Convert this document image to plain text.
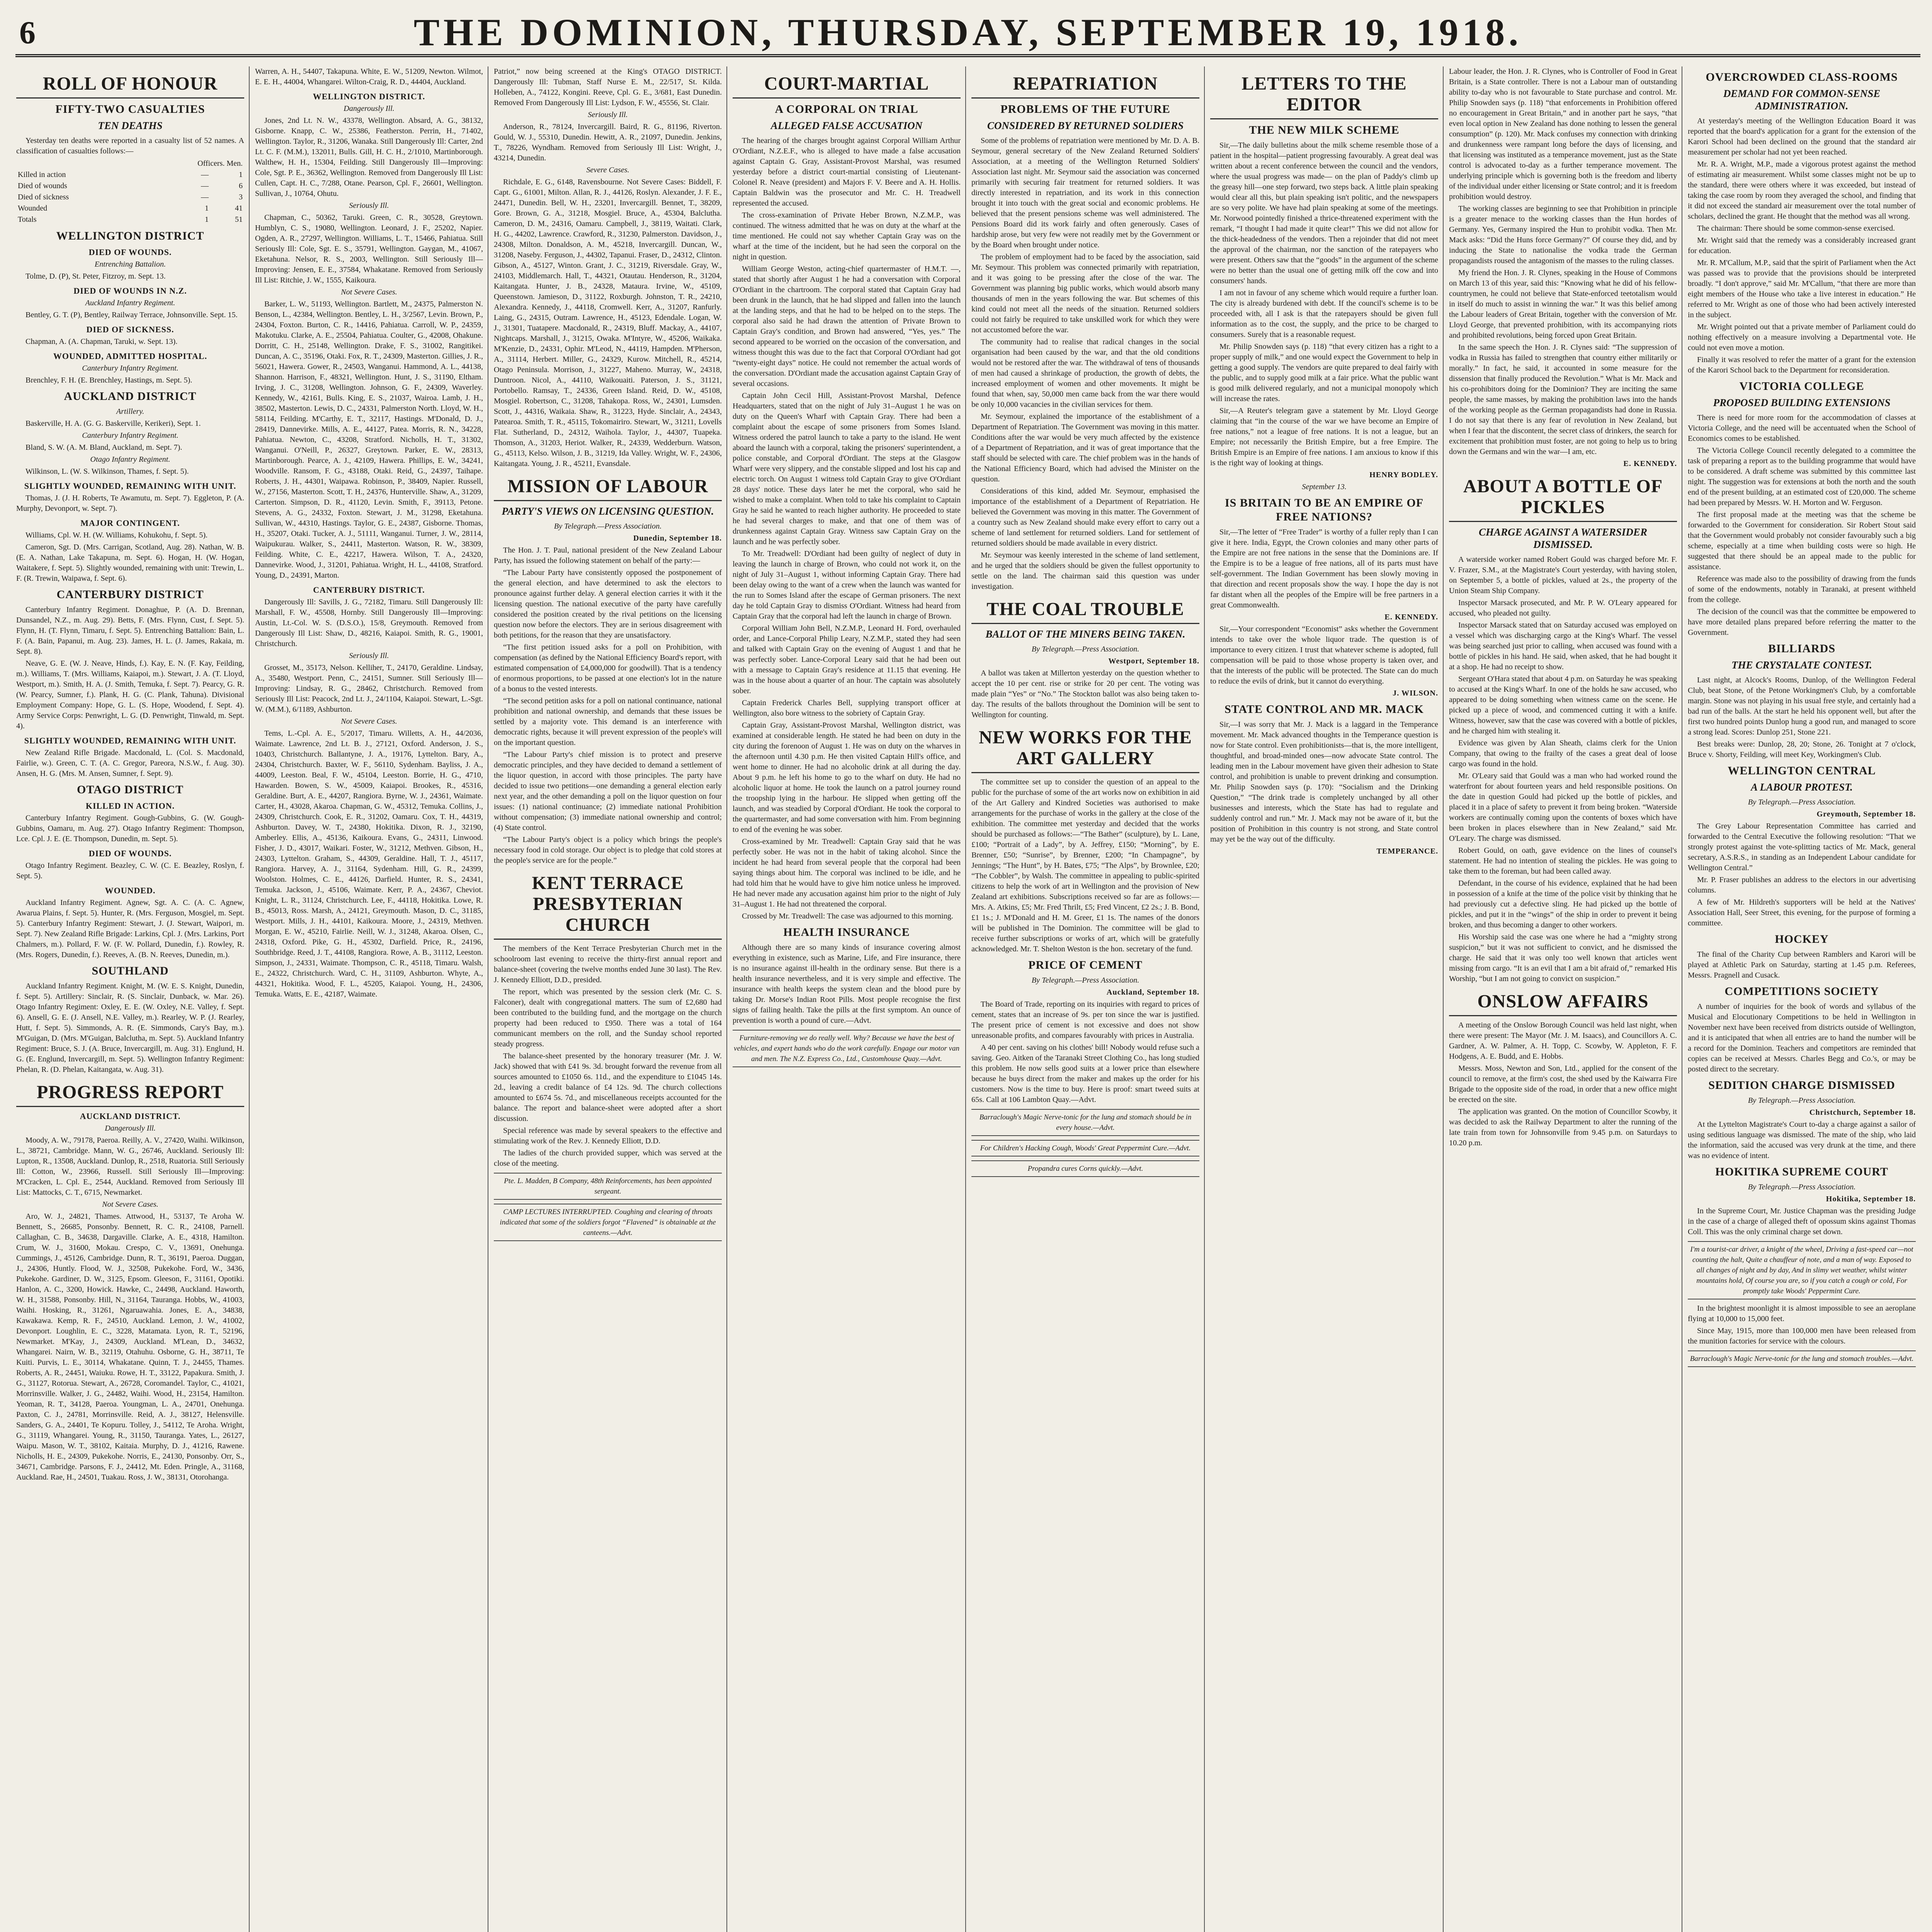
6	THE DOMINION, THURSDAY, SEPTEMBER 19, 1918.
ROLL OF HONOUR
FIFTY-TWO CASUALTIES
TEN DEATHS

Yesterday ten deaths were reported in a casualty list of 52 names. A classification of casualties follows:—

	Officers. Men.	
Killed in action	—	1
Died of wounds	—	6
Died of sickness	—	3
Wounded	1	41
Totals	1	51
WELLINGTON DISTRICT
DIED OF WOUNDS.

Entrenching Battalion.

Tolme, D. (P), St. Peter, Fitzroy, m. Sept. 13.

DIED OF WOUNDS IN N.Z.

Auckland Infantry Regiment.

Bentley, G. T. (P), Bentley, Railway Terrace, Johnsonville. Sept. 15.

DIED OF SICKNESS.

Chapman, A. (A. Chapman, Taruki, w. Sept. 13).

WOUNDED, ADMITTED HOSPITAL.

Canterbury Infantry Regiment.

Brenchley, F. H. (E. Brenchley, Hastings, m. Sept. 5).

AUCKLAND DISTRICT

Artillery.

Baskerville, H. A. (G. G. Baskerville, Kerikeri), Sept. 1.

Canterbury Infantry Regiment.

Bland, S. W. (A. M. Bland, Auckland, m. Sept. 7).

Otago Infantry Regiment.

Wilkinson, L. (W. S. Wilkinson, Thames, f. Sept. 5).

SLIGHTLY WOUNDED, REMAINING WITH UNIT.

Thomas, J. (J. H. Roberts, Te Awamutu, m. Sept. 7). Eggleton, P. (A. Murphy, Devonport, w. Sept. 7).

MAJOR CONTINGENT.

Williams, Cpl. W. H. (W. Williams, Kohukohu, f. Sept. 5).

Cameron, Sgt. D. (Mrs. Carrigan, Scotland, Aug. 28). Nathan, W. B. (E. A. Nathan, Lake Takapuna, m. Sept. 6). Hogan, H. (W. Hogan, Waitakere, f. Sept. 5). Slightly wounded, remaining with unit: Trewin, L. F. (R. Trewin, Waipawa, f. Sept. 6).

CANTERBURY DISTRICT

Canterbury Infantry Regiment. Donaghue, P. (A. D. Brennan, Dunsandel, N.Z., m. Aug. 29). Betts, F. (Mrs. Flynn, Cust, f. Sept. 5). Flynn, H. (T. Flynn, Timaru, f. Sept. 5). Entrenching Battalion: Bain, L. F. (A. Bain, Papanui, m. Aug. 23). James, H. L. (J. James, Rakaia, m. Sept. 8).

Neave, G. E. (W. J. Neave, Hinds, f.). Kay, E. N. (F. Kay, Feilding, m.). Williams, T. (Mrs. Williams, Kaiapoi, m.). Stewart, J. A. (T. Lloyd, Westport, m.). Smith, H. A. (J. Smith, Temuka, f. Sept. 7). Pearcy, G. R. (W. Pearcy, Sumner, f.). Plank, H. G. (C. Plank, Tahuna). Divisional Employment Company: Hope, G. L. (S. Hope, Woodend, f. Sept. 4). Army Service Corps: Penwright, L. G. (D. Penwright, Tinwald, m. Sept. 4).

SLIGHTLY WOUNDED, REMAINING WITH UNIT.

New Zealand Rifle Brigade. Macdonald, L. (Col. S. Macdonald, Fairlie, w.). Green, C. T. (A. C. Gregor, Pareora, N.S.W., f. Aug. 30). Ansen, H. G. (Mrs. M. Ansen, Sumner, f. Sept. 9).

OTAGO DISTRICT
KILLED IN ACTION.

Canterbury Infantry Regiment. Gough-Gubbins, G. (W. Gough-Gubbins, Oamaru, m. Aug. 27). Otago Infantry Regiment: Thompson, Lce. Cpl. J. E. (E. Thompson, Dunedin, m. Sept. 5).

DIED OF WOUNDS.

Otago Infantry Regiment. Beazley, C. W. (C. E. Beazley, Roslyn, f. Sept. 5).

WOUNDED.

Auckland Infantry Regiment. Agnew, Sgt. A. C. (A. C. Agnew, Awarua Plains, f. Sept. 5). Hunter, R. (Mrs. Ferguson, Mosgiel, m. Sept. 5). Canterbury Infantry Regiment: Stewart, J. (J. Stewart, Waipori, m. Sept. 7). New Zealand Rifle Brigade: Larkins, Cpl. J. (Mrs. Larkins, Port Chalmers, m.). Pollard, F. W. (F. W. Pollard, Dunedin, f.). Rowley, R. (Mrs. Rogers, Dunedin, f.). Reeves, A. (B. N. Reeves, Dunedin, m.).

SOUTHLAND

Auckland Infantry Regiment. Knight, M. (W. E. S. Knight, Dunedin, f. Sept. 5). Artillery: Sinclair, R. (S. Sinclair, Dunback, w. Mar. 26). Otago Infantry Regiment: Oxley, E. E. (W. Oxley, N.E. Valley, f. Sept. 6). Ansell, G. E. (J. Ansell, N.E. Valley, m.). Rearley, W. P. (J. Rearley, Hutt, f. Sept. 5). Simmonds, A. R. (E. Simmonds, Cary's Bay, m.). M'Guigan, D. (Mrs. M'Guigan, Balclutha, m. Sept. 5). Auckland Infantry Regiment: Bruce, S. J. (A. Bruce, Invercargill, m. Aug. 31). Englund, H. G. (E. Englund, Invercargill, m. Sept. 5). Wellington Infantry Regiment: Phelan, R. (D. Phelan, Kaitangata, w. Aug. 31).

PROGRESS REPORT
AUCKLAND DISTRICT.

Dangerously Ill.

Moody, A. W., 79178, Paeroa. Reilly, A. V., 27420, Waihi. Wilkinson, L., 38721, Cambridge. Mann, W. G., 26746, Auckland. Seriously Ill: Lupton, R., 13508, Auckland. Dunlop, R., 2518, Ruatoria. Still Seriously Ill: Cotton, W., 23966, Russell. Still Seriously Ill—Improving: M'Cracken, L. Cpl. E., 2544, Auckland. Removed from Seriously Ill List: Mattocks, C. T., 6715, Newmarket.

Not Severe Cases.

Aro, W. J., 24821, Thames. Attwood, H., 53137, Te Aroha W. Bennett, S., 26685, Ponsonby. Bennett, R. C. R., 24108, Parnell. Callaghan, C. B., 34638, Dargaville. Clarke, A. E., 4318, Hamilton. Crum, W. J., 31600, Mokau. Crespo, C. V., 13691, Onehunga. Cummings, J., 45126, Cambridge. Dunn, R. T., 36191, Paeroa. Duggan, J., 24306, Huntly. Flood, W. J., 32508, Pukekohe. Ford, W., 3436, Pukekohe. Gardiner, D. W., 3125, Epsom. Gleeson, F., 31161, Opotiki. Hanlon, A. C., 3200, Howick. Hawke, C., 24498, Auckland. Haworth, W. H., 31588, Ponsonby. Hill, N., 31164, Tauranga. Hobbs, W., 41003, Waihi. Hosking, R., 31261, Ngaruawahia. Jones, E. A., 34838, Kawakawa. Kemp, R. F., 24510, Auckland. Lemon, J. W., 41002, Devonport. Loughlin, E. C., 3228, Matamata. Lyon, R. T., 52196, Newmarket. M'Kay, J., 24309, Auckland. M'Lean, D., 34632, Whangarei. Nairn, W. B., 32119, Otahuhu. Osborne, G. H., 38711, Te Kuiti. Purvis, L. E., 30114, Whakatane. Quinn, T. J., 24455, Thames. Roberts, A. R., 24451, Waiuku. Rowe, H. T., 33122, Papakura. Smith, J. G., 31127, Rotorua. Stewart, A., 26728, Coromandel. Taylor, C., 41021, Morrinsville. Walker, J. G., 24482, Waihi. Wood, H., 23154, Hamilton. Yeoman, R. T., 34128, Paeroa. Youngman, L. A., 24701, Onehunga. Paxton, C. J., 24781, Morrinsville. Reid, A. J., 38127, Helensville. Sanders, G. A., 24401, Te Kopuru. Tolley, J., 54112, Te Aroha. Wright, G., 31119, Whangarei. Young, R., 31150, Tauranga. Yates, L., 26127, Waipu. Mason, W. T., 38102, Kaitaia. Murphy, D. J., 41216, Rawene. Nicholls, H. E., 24309, Pukekohe. Norris, E., 24130, Ponsonby. Orr, S., 34671, Cambridge. Parsons, F. J., 24412, Mt. Eden. Pringle, A., 31168, Auckland. Rae, H., 24501, Tuakau. Ross, J. W., 38131, Otorohanga.

Warren, A. H., 54407, Takapuna. White, E. W., 51209, Newton. Wilmot, E. E. H., 44004, Whangarei. Wilton-Craig, R. D., 44404, Auckland.

WELLINGTON DISTRICT.

Dangerously Ill.

Jones, 2nd Lt. N. W., 43378, Wellington. Absard, A. G., 38132, Gisborne. Knapp, C. W., 25386, Featherston. Perrin, H., 71402, Wellington. Taylor, R., 31206, Wanaka. Still Dangerously Ill: Carter, 2nd Lt. C. F. (M.M.), 132011, Bulls. Gill, H. C. H., 2/1010, Martinborough. Walthew, H. H., 15304, Feilding. Still Dangerously Ill—Improving: Cole, Sgt. P. E., 36362, Wellington. Removed from Dangerously Ill List: Cullen, Capt. H. C., 7/288, Otane. Pearson, Cpl. F., 26601, Wellington. Sullivan, J., 10764, Ohutu.

Seriously Ill.

Chapman, C., 50362, Taruki. Green, C. R., 30528, Greytown. Humblyn, C. S., 19080, Wellington. Leonard, J. F., 25202, Napier. Ogden, A. R., 27297, Wellington. Williams, L. T., 15466, Pahiatua. Still Seriously Ill: Cole, Sgt. E. S., 35791, Wellington. Gaygan, M., 41067, Eketahuna. Nelsor, R. S., 2003, Wellington. Still Seriously Ill—Improving: Jensen, E. E., 37584, Whakatane. Removed from Seriously Ill List: Ritchie, J. W., 1555, Kaikoura.

Not Severe Cases.

Barker, L. W., 51193, Wellington. Bartlett, M., 24375, Palmerston N. Benson, L., 42384, Wellington. Bentley, L. H., 3/2567, Levin. Brown, P., 24304, Foxton. Burton, C. R., 14416, Pahiatua. Carroll, W. P., 24359, Makotuku. Clarke, A. E., 25504, Pahiatua. Coulter, G., 42008, Ohakune. Dorritt, C. H., 25148, Wellington. Drake, F. S., 31002, Rangitikei. Duncan, A. C., 35196, Otaki. Fox, R. T., 24309, Masterton. Gillies, J. R., 56021, Hawera. Gower, R., 24503, Wanganui. Hammond, A. L., 44138, Shannon. Harrison, F., 48321, Wellington. Hunt, J. S., 31190, Eltham. Irving, J. C., 31208, Wellington. Johnson, G. F., 24309, Waverley. Kennedy, W., 42161, Bulls. King, E. S., 21037, Wairoa. Lamb, J. H., 38502, Masterton. Lewis, D. C., 24331, Palmerston North. Lloyd, W. H., 58114, Feilding. M'Carthy, E. T., 32117, Hastings. M'Donald, D. J., 28419, Dannevirke. Mills, A. E., 44127, Patea. Morris, R. N., 34228, Pahiatua. Newton, C., 43208, Stratford. Nicholls, H. T., 31302, Wanganui. O'Neill, P., 26327, Greytown. Parker, E. W., 28313, Martinborough. Pearce, A. J., 42109, Hawera. Phillips, E. W., 34241, Woodville. Ransom, F. G., 43188, Otaki. Reid, G., 24397, Taihape. Roberts, J. H., 44301, Waipawa. Robinson, P., 38409, Napier. Russell, W., 27156, Masterton. Scott, T. H., 24376, Hunterville. Shaw, A., 31209, Carterton. Simpson, D. R., 41120, Levin. Smith, F., 39113, Petone. Stevens, A. G., 24332, Foxton. Stewart, J. M., 31298, Eketahuna. Sullivan, W., 44310, Hastings. Taylor, G. E., 24387, Gisborne. Thomas, H., 35207, Otaki. Tucker, A. J., 51111, Wanganui. Turner, J. W., 28114, Waipukurau. Walker, S., 24411, Masterton. Watson, R. W., 38309, Feilding. White, C. E., 42217, Hawera. Wilson, T. A., 24320, Dannevirke. Wood, J., 31201, Pahiatua. Wright, H. L., 44108, Stratford. Young, D., 24391, Marton.

CANTERBURY DISTRICT.

Dangerously Ill: Savills, J. G., 72182, Timaru. Still Dangerously Ill: Marshall, F. W., 45508, Hornby. Still Dangerously Ill—Improving: Austin, Lt.-Col. W. S. (D.S.O.), 15/8, Greymouth. Removed from Dangerously Ill List: Shaw, D., 48216, Kaiapoi. Smith, R. G., 19001, Christchurch.

Seriously Ill.

Grosset, M., 35173, Nelson. Kelliher, T., 24170, Geraldine. Lindsay, A., 35480, Westport. Penn, C., 24151, Sumner. Still Seriously Ill—Improving: Lindsay, R. G., 28462, Christchurch. Removed from Seriously Ill List: Peacock, 2nd Lt. J., 24/1104, Kaiapoi. Stewart, L.-Sgt. W. (M.M.), 6/1189, Ashburton.

Not Severe Cases.

Tems, L.-Cpl. A. E., 5/2017, Timaru. Willetts, A. H., 44/2036, Waimate. Lawrence, 2nd Lt. B. J., 27121, Oxford. Anderson, J. S., 10403, Christchurch. Ballantyne, J. A., 19176, Lyttelton. Bary, A., 24304, Christchurch. Baxter, W. F., 56110, Sydenham. Bayliss, J. A., 44009, Leeston. Beal, F. W., 45104, Leeston. Borrie, H. G., 4710, Hawarden. Bowen, S. W., 45009, Kaiapoi. Brookes, R., 45316, Geraldine. Burt, A. E., 44207, Rangiora. Byrne, W. J., 24361, Waimate. Carter, H., 43028, Akaroa. Chapman, G. W., 45312, Temuka. Collins, J., 24309, Christchurch. Cook, E. R., 31202, Oamaru. Cox, T. H., 44319, Ashburton. Davey, W. T., 24380, Hokitika. Dixon, R. J., 32190, Amberley. Ellis, A., 45136, Kaikoura. Evans, G., 24311, Linwood. Fisher, J. D., 43017, Waikari. Foster, W., 31212, Methven. Gibson, H., 24303, Lyttelton. Graham, S., 44309, Geraldine. Hall, T. J., 45117, Rangiora. Harvey, A. J., 31164, Sydenham. Hill, G. R., 24399, Woolston. Holmes, C. E., 44126, Darfield. Hunter, R. S., 24341, Temuka. Jackson, J., 45106, Waimate. Kerr, P. A., 24367, Cheviot. Knight, L. R., 31124, Christchurch. Lee, F., 44118, Hokitika. Lowe, R. B., 45013, Ross. Marsh, A., 24121, Greymouth. Mason, D. C., 31185, Westport. Mills, J. H., 44101, Kaikoura. Moore, J., 24319, Methven. Morgan, E. W., 45210, Fairlie. Neill, W. J., 31248, Akaroa. Olsen, C., 24318, Oxford. Pike, G. H., 45302, Darfield. Price, R., 24196, Southbridge. Reed, J. T., 44108, Rangiora. Rowe, A. B., 31112, Leeston. Simpson, J., 24331, Waimate. Thompson, C. R., 45118, Timaru. Walsh, E., 24322, Christchurch. Ward, C. H., 31109, Ashburton. Whyte, A., 44321, Hokitika. Wood, F. L., 45205, Kaiapoi. Young, H., 24306, Temuka. Watts, E. E., 42187, Waimate.

Patriot,” now being screened at the King's OTAGO DISTRICT. Dangerously Ill: Tubman, Staff Nurse E. M., 22/517, St. Kilda. Holleben, A., 74122, Kongini. Reeve, Cpl. G. E., 3/681, East Dunedin. Removed From Dangerously Ill List: Lydson, F. W., 45556, St. Clair.

Seriously Ill.

Anderson, R., 78124, Invercargill. Baird, R. G., 81196, Riverton. Gould, W. J., 55310, Dunedin. Hewitt, A. R., 21097, Dunedin. Jenkins, T., 78226, Wyndham. Removed from Seriously Ill List: Wright, J., 43214, Dunedin.

Severe Cases.

Richdale, E. G., 6148, Ravensbourne. Not Severe Cases: Biddell, F. Capt. G., 61001, Milton. Allan, R. J., 44126, Roslyn. Alexander, J. F. E., 24471, Dunedin. Bell, W. H., 23201, Invercargill. Bennet, T., 38209, Gore. Brown, G. A., 31218, Mosgiel. Bruce, A., 45304, Balclutha. Cameron, D. M., 24316, Oamaru. Campbell, J., 38119, Waitati. Clark, H. G., 44202, Lawrence. Crawford, R., 31230, Palmerston. Davidson, J., 24308, Milton. Donaldson, A. M., 45218, Invercargill. Duncan, W., 31208, Naseby. Ferguson, J., 44302, Tapanui. Fraser, D., 24312, Clinton. Gibson, A., 45127, Winton. Grant, J. C., 31219, Riversdale. Gray, W., 24103, Middlemarch. Hall, T., 44321, Otautau. Henderson, R., 31204, Kaitangata. Hunter, J. B., 24328, Mataura. Irvine, W., 45109, Queenstown. Jamieson, D., 31122, Roxburgh. Johnston, T. R., 24210, Alexandra. Kennedy, J., 44118, Cromwell. Kerr, A., 31207, Ranfurly. Laing, G., 24315, Outram. Lawrence, H., 45123, Edendale. Logan, W. J., 31301, Tuatapere. Macdonald, R., 24319, Bluff. Mackay, A., 44107, Nightcaps. Marshall, J., 31215, Owaka. M'Intyre, W., 45206, Waikaka. M'Kenzie, D., 24331, Ophir. M'Leod, N., 44119, Hampden. M'Pherson, A., 31114, Herbert. Miller, G., 24329, Kurow. Mitchell, R., 45214, Otago Peninsula. Morrison, J., 31227, Maheno. Murray, W., 24318, Duntroon. Nicol, A., 44110, Waikouaiti. Paterson, J. S., 31121, Portobello. Ramsay, T., 24336, Green Island. Reid, D. W., 45108, Mosgiel. Robertson, C., 31208, Tahakopa. Ross, W., 24301, Lumsden. Scott, J., 44316, Waikaia. Shaw, R., 31223, Hyde. Sinclair, A., 24343, Patearoa. Smith, T. R., 45115, Tokomairiro. Stewart, W., 31211, Lovells Flat. Sutherland, D., 24312, Waihola. Taylor, J., 44307, Tuapeka. Thomson, A., 31203, Heriot. Walker, R., 24339, Wedderburn. Watson, G., 45113, Kelso. Wilson, J. B., 31219, Ida Valley. Wright, W. F., 24306, Kaitangata. Young, J. R., 45211, Evansdale.

MISSION OF LABOUR
PARTY'S VIEWS ON LICENSING QUESTION.

By Telegraph.—Press Association.

Dunedin, September 18.

The Hon. J. T. Paul, national president of the New Zealand Labour Party, has issued the following statement on behalf of the party:—

“The Labour Party have consistently opposed the postponement of the general election, and have determined to ask the electors to pronounce against further delay. A general election carries it with it the licensing question. The national executive of the party have carefully considered the position created by the rival petitions on the licensing question now before the electors. They are in serious disagreement with both petitions, for the reason that they are unsatisfactory.

“The first petition issued asks for a poll on Prohibition, with compensation (as defined by the National Efficiency Board's report, with estimated compensation of £4,000,000 for goodwill). That is a tendency of enormous proportions, to be passed at one election's lot in the nature of a bonus to the vested interests.

“The second petition asks for a poll on national continuance, national prohibition and national ownership, and demands that these issues be settled by a majority vote. This demand is an interference with democratic rights, because it will prevent expression of the people's will on the important question.

“The Labour Party's chief mission is to protect and preserve democratic principles, and they have decided to demand a settlement of the liquor question, in accord with those principles. The party have decided to issue two petitions—one demanding a general election early next year, and the other demanding a poll on the liquor question on four issues: (1) national continuance; (2) immediate national Prohibition without compensation; (3) immediate national ownership and control; (4) State control.

“The Labour Party's object is a policy which brings the people's necessary food in cold storage. Our object is to pledge that cold stores at the people's service are for the people.”

KENT TERRACE PRESBYTERIAN CHURCH

The members of the Kent Terrace Presbyterian Church met in the schoolroom last evening to receive the thirty-first annual report and balance-sheet (covering the twelve months ended June 30 last). The Rev. J. Kennedy Elliott, D.D., presided.

The report, which was presented by the session clerk (Mr. C. S. Falconer), dealt with congregational matters. The sum of £2,680 had been contributed to the building fund, and the mortgage on the church property had been reduced to £950. There was a total of 164 communicant members on the roll, and the Sunday school reported steady progress.

The balance-sheet presented by the honorary treasurer (Mr. J. W. Jack) showed that with £41 9s. 3d. brought forward the revenue from all sources amounted to £1050 6s. 11d., and the expenditure to £1045 14s. 2d., leaving a credit balance of £4 12s. 9d. The church collections amounted to £674 5s. 7d., and miscellaneous receipts accounted for the balance. The report and balance-sheet were adopted after a short discussion.

Special reference was made by several speakers to the effective and stimulating work of the Rev. J. Kennedy Elliott, D.D.

The ladies of the church provided supper, which was served at the close of the meeting.

Pte. L. Madden, B Company, 48th Reinforcements, has been appointed sergeant.

CAMP LECTURES INTERRUPTED. Coughing and clearing of throats indicated that some of the soldiers forgot “Flavened” is obtainable at the canteens.—Advt.

COURT-MARTIAL
A CORPORAL ON TRIAL
ALLEGED FALSE ACCUSATION

The hearing of the charges brought against Corporal William Arthur O'Ordiant, N.Z.E.F., who is alleged to have made a false accusation against Captain G. Gray, Assistant-Provost Marshal, was resumed yesterday before a district court-martial consisting of Lieutenant-Colonel R. Neave (president) and Majors F. V. Beere and A. H. Hollis. Captain Baldwin was the prosecutor and Mr. C. H. Treadwell represented the accused.

The cross-examination of Private Heber Brown, N.Z.M.P., was continued. The witness admitted that he was on duty at the wharf at the time mentioned. He could not say whether Captain Gray was on the wharf at the time of the incident, but he had seen the corporal on the night in question.

William George Weston, acting-chief quartermaster of H.M.T. —, stated that shortly after August 1 he had a conversation with Corporal O'Ordiant in the chartroom. The corporal stated that Captain Gray had been drunk in the launch, that he had slipped and fallen into the launch at the landing steps, and that he had to be helped on to the steps. The corporal also said he had drawn the attention of Private Brown to Captain Gray's condition, and Brown had answered, “Yes, yes.” The second appeared to be worried on the occasion of the conversation, and witness thought this was due to the fact that Corporal O'Ordiant had got “twenty-eight days” notice. He could not remember the actual words of the conversation. D'Ordiant made the accusation against Captain Gray of several occasions.

Captain John Cecil Hill, Assistant-Provost Marshal, Defence Headquarters, stated that on the night of July 31–August 1 he was on duty on the Queen's Wharf with Captain Gray. There had been a complaint about the escape of some prisoners from Somes Island. Witness ordered the patrol launch to take a party to the island. He went aboard the launch with a corporal, taking the prisoners' superintendent, a police constable, and Corporal d'Ordiant. The steps at the Glasgow Wharf were very slippery, and the constable slipped and lost his cap and electric torch. On August 1 witness told Captain Gray to give O'Ordiant 28 days' notice. These days later he met the corporal, who said he wished to make a complaint. When told to take his complaint to Captain Gray he said he wanted to reach higher authority. He proceeded to state he had several charges to make, and that one of them was of drunkenness against Captain Gray. Witness saw Captain Gray on the launch and he was perfectly sober.

To Mr. Treadwell: D'Ordiant had been guilty of neglect of duty in leaving the launch in charge of Brown, who could not work it, on the night of July 31–August 1, without informing Captain Gray. There had been delay owing to the want of a crew when the launch was wanted for the run to Somes Island after the escape of German prisoners. The next day he told Captain Gray to dismiss O'Ordiant. Witness had heard from Captain Gray that the corporal had left the launch in charge of Brown.

Corporal William John Bell, N.Z.M.P., Leonard H. Ford, overhauled order, and Lance-Corporal Philip Leary, N.Z.M.P., stated they had seen and talked with Captain Gray on the evening of August 1 and that he was perfectly sober. Lance-Corporal Leary said that he had been out with a message to Captain Gray's residence at 11.15 that evening. He was in the house about a quarter of an hour. The captain was absolutely sober.

Captain Frederick Charles Bell, supplying transport officer at Wellington, also bore witness to the sobriety of Captain Gray.

Captain Gray, Assistant-Provost Marshal, Wellington district, was examined at considerable length. He stated he had been on duty in the city during the forenoon of August 1. He was on duty on the wharves in the afternoon until 4.30 p.m. He then visited Captain Hill's office, and went home to dinner. He had no alcoholic drink at all during the day. About 9 p.m. he left his home to go to the wharf on duty. He had no alcoholic liquor at home. He took the launch on a patrol journey round the troopship lying in the harbour. He slipped when getting off the launch, and was steadied by Corporal d'Ordiant. He took the corporal to the quartermaster, and had some conversation with him. From beginning to end of the evening he was sober.

Cross-examined by Mr. Treadwell: Captain Gray said that he was perfectly sober. He was not in the habit of taking alcohol. Since the incident he had heard from several people that the corporal had been saying things about him. The corporal was inclined to be idle, and he had told him that he would have to give him notice unless he improved. He had never made any accusation against him prior to the night of July 31–August 1. He had not threatened the corporal.

Crossed by Mr. Treadwell: The case was adjourned to this morning.

HEALTH INSURANCE

Although there are so many kinds of insurance covering almost everything in existence, such as Marine, Life, and Fire insurance, there is no insurance against ill-health in the ordinary sense. But there is a health insurance nevertheless, and it is very simple and effective. The insurance with health keeps the system clean and the blood pure by taking Dr. Morse's Indian Root Pills. Most people recognise the first signs of failing health. Take the pills at the first symptom. An ounce of prevention is worth a pound of cure.—Advt.

Furniture-removing we do really well. Why? Because we have the best of vehicles, and expert hands who do the work carefully. Engage our motor van and men. The N.Z. Express Co., Ltd., Customhouse Quay.—Advt.

REPATRIATION
PROBLEMS OF THE FUTURE
CONSIDERED BY RETURNED SOLDIERS

Some of the problems of repatriation were mentioned by Mr. D. A. B. Seymour, general secretary of the New Zealand Returned Soldiers' Association, at a meeting of the Wellington Returned Soldiers' Association last night. Mr. Seymour said the association was concerned primarily with securing fair treatment for returned soldiers. It was directly interested in repatriation, and its work in this connection brought it into touch with the great social and economic problems. He believed that the present pensions scheme was well administered. The Pensions Board did its work fairly and often generously. Cases of hardship arose, but very few were not readily met by the Government or by the Board when brought under notice.

The problem of employment had to be faced by the association, said Mr. Seymour. This problem was connected primarily with repatriation, and it was going to be pressing after the close of the war. The Government was planning big public works, which would absorb many thousands of men in the years following the war. But schemes of this kind could not meet all the needs of the situation. Returned soldiers could not fairly be required to take unskilled work for which they were not accustomed before the war.

The community had to realise that radical changes in the social organisation had been caused by the war, and that the old conditions would not be restored after the war. The withdrawal of tens of thousands of men had caused a shrinkage of production, the growth of debts, the increased employment of women and other movements. It might be found that when, say, 50,000 men came back from the war there would be only 10,000 vacancies in the civilian services for them.

Mr. Seymour, explained the importance of the establishment of a Department of Repatriation. The Government was moving in this matter. Conditions after the war would be very much affected by the existence of a Department of Repatriation, and it was of great importance that the staff should be selected with care. The chief problem was in the hands of the National Efficiency Board, which had advised the Minister on the question.

Considerations of this kind, added Mr. Seymour, emphasised the importance of the establishment of a Department of Repatriation. He believed the Government was moving in this matter. The Government of a country such as New Zealand should make every effort to carry out a scheme of land settlement for returned soldiers. Land for settlement of returned soldiers should be made available in every district.

Mr. Seymour was keenly interested in the scheme of land settlement, and he urged that the soldiers should be given the fullest opportunity to settle on the land. The chairman said this question was under investigation.

THE COAL TROUBLE
BALLOT OF THE MINERS BEING TAKEN.

By Telegraph.—Press Association.

Westport, September 18.

A ballot was taken at Millerton yesterday on the question whether to accept the 10 per cent. rise or strike for 20 per cent. The voting was made plain “Yes” or “No.” The Stockton ballot was also being taken to-day. The results of the ballots throughout the Dominion will be sent to Wellington for counting.

NEW WORKS FOR THE ART GALLERY

The committee set up to consider the question of an appeal to the public for the purchase of some of the art works now on exhibition in aid of the Art Gallery and Kindred Societies was authorised to make arrangements for the purchase of works in the gallery at the close of the exhibition. The committee met yesterday and decided that the works should be purchased as follows:—“The Bather” (sculpture), by L. Lane, £100; “Portrait of a Lady”, by A. Jeffrey, £150; “Morning”, by E. Brenner, £50; “Sunrise”, by Brenner, £200; “In Champagne”, by Jennings; “The Hunt”, by H. Bates, £75; “The Alps”, by Brownlee, £20; “The Cobbler”, by Walsh. The committee in appealing to public-spirited citizens to help the work of art in Wellington and the provision of New Zealand art exhibitions. Subscriptions received so far are as follows:—Mrs. A. Atkins, £5; Mr. Fred Thrilt, £5; Fred Vincent, £2 2s.; J. B. Bond, £1 1s.; J. M'Donald and H. M. Greer, £1 1s. The names of the donors will be published in The Dominion. The committee will be glad to receive further subscriptions or works of art, which will be gratefully acknowledged. Mr. T. Shelton Weston is the hon. secretary of the fund.

PRICE OF CEMENT

By Telegraph.—Press Association.

Auckland, September 18.

The Board of Trade, reporting on its inquiries with regard to prices of cement, states that an increase of 9s. per ton since the war is justified. The present price of cement is not excessive and does not show unreasonable profits, and compares favourably with prices in Australia.

A 40 per cent. saving on his clothes' bill! Nobody would refuse such a saving. Geo. Aitken of the Taranaki Street Clothing Co., has long studied this problem. He now sells good suits at a lower price than elsewhere because he buys direct from the maker and makes up the order for his customers. Now is the time to buy. Here is proof: smart tweed suits at 65s. Call at 106 Lambton Quay.—Advt.

Barraclough's Magic Nerve-tonic for the lung and stomach should be in every house.—Advt.

For Children's Hacking Cough, Woods' Great Peppermint Cure.—Advt.

Propandra cures Corns quickly.—Advt.

LETTERS TO THE EDITOR
THE NEW MILK SCHEME

Sir,—The daily bulletins about the milk scheme resemble those of a patient in the hospital—patient progressing favourably. A great deal was written about a recent conference between the council and the vendors, where the usual progress was made— on the plan of Paddy's climb up the greasy hill—one step forward, two steps back. A little plain speaking would clear all this, but plain speaking isn't politic, and the newspapers are so very polite. We have had plain speaking at some of the meetings. Mr. Norwood pointedly finished a thrice-threatened experiment with the remark, “I thought I had made it quite clear!” This we did not allow for the thick-headedness of the vendors. Then a rejoinder that did not meet the approval of the chairman, nor the sanction of the ratepayers who were present. Others saw that the “goods” in the argument of the scheme were no better than the usual one of getting milk off the cow and into consumers' hands.

I am not in favour of any scheme which would require a further loan. The city is already burdened with debt. If the council's scheme is to be proceeded with, all I ask is that the ratepayers should be given full information as to the cost, the supply, and the price to be charged to consumers. Surely that is a reasonable request.

Mr. Philip Snowden says (p. 118) “that every citizen has a right to a proper supply of milk,” and one would expect the Government to help in getting a good supply. The vendors are quite prepared to deal fairly with the public, and to supply good milk at a fair price. What the public want is good milk delivered regularly, and not a municipal monopoly which will increase the rates.

Sir,—A Reuter's telegram gave a statement by Mr. Lloyd George claiming that “in the course of the war we have become an Empire of free nations,” not a league of free nations. It is not a league, but an Empire; not necessarily the British Empire, but a free Empire. The British Empire is an Empire of free nations. I am anxious to know if this is the right way of looking at things.

HENRY BODLEY.

September 13.

IS BRITAIN TO BE AN EMPIRE OF FREE NATIONS?

Sir,—The letter of “Free Trader” is worthy of a fuller reply than I can give it here. India, Egypt, the Crown colonies and many other parts of the Empire are not free nations in the sense that the Dominions are. If the Empire is to be a league of free nations, all of its parts must have self-government. The Indian Government has been slowly moving in that direction and recent proposals show the way. I hope the day is not far distant when all the peoples of the Empire will be free partners in a great Commonwealth.

E. KENNEDY.

Sir,—Your correspondent “Economist” asks whether the Government intends to take over the whole liquor trade. The question is of importance to every citizen. I trust that whatever scheme is adopted, full compensation will be paid to those whose property is taken over, and that the interests of the public will be protected. The State can do much to reduce the evils of drink, but it cannot do everything.

J. WILSON.

STATE CONTROL AND MR. MACK

Sir,—I was sorry that Mr. J. Mack is a laggard in the Temperance movement. Mr. Mack advanced thoughts in the Temperance question is now for State control. Even prohibitionists—that is, the more intelligent, thoughtful, and broad-minded ones—now advocate State control. The leading men in the Labour movement have given their adhesion to State control, and prohibition is unable to prevent drinking and consumption. Mr. Philip Snowden says (p. 170): “Socialism and the Drinking Question,” “The drink trade is completely unchanged by all other businesses and interests, which the State has had to regulate and suddenly control and run.” Mr. J. Mack may not be aware of it, but the position of Prohibition in this country is not strong, and State control may yet be the way out of the difficulty.

TEMPERANCE.

Labour leader, the Hon. J. R. Clynes, who is Controller of Food in Great Britain, is a State controller. There is not a Labour man of outstanding ability to-day who is not favourable to State purchase and control. Mr. Philip Snowden says (p. 118) “that enforcements in Prohibition offered no encouragement in Great Britain,” and in another part he says, “that even local option in New Zealand has done nothing to lessen the general consumption” (p. 120). Mr. Mack confuses my connection with drinking and drunkenness were rampant long before the days of licensing, and that licensing was instituted as a temperance movement, just as the State control is advocated to-day as a further temperance movement. The underlying principle which is governing both is the freedom and liberty of the individual under either licensing or State control; and it is freedom prohibition would destroy.

The working classes are beginning to see that Prohibition in principle is a greater menace to the working classes than the Hun hordes of Germany. Yes, Germany inspired the Hun to prohibit vodka. Then Mr. Mack asks: “Did the Huns force Germany?” Of course they did, and by inducing the State to nationalise the vodka trade the German propagandists roused the antagonism of the masses to the ruling classes.

My friend the Hon. J. R. Clynes, speaking in the House of Commons on March 13 of this year, said this: “Knowing what he did of his fellow-countrymen, he could not believe that State-enforced teetotalism would in itself do much to assist in winning the war.” It was this belief among the Labour leaders of Great Britain, together with the conversion of Mr. Lloyd George, that prevented prohibition, with its accompanying riots and prohibited revolutions, being forced upon Great Britain.

In the same speech the Hon. J. R. Clynes said: “The suppression of vodka in Russia has failed to strengthen that country either militarily or morally.” In fact, he said, it accounted in some measure for the dissension that finally produced the Revolution.” What is Mr. Mack and his co-prohibitors doing for the Dominion? They are inciting the same people, the same masses, by making the prohibition laws into the hands of the working people as the German propagandists had done in Russia. I do not say that there is any fear of revolution in New Zealand, but when I fear that the discontent, the secret class of drinkers, the search for excitement that prohibition must foster, are not going to help us to bring down the Germans and win the war—I am, etc.

E. KENNEDY.

ABOUT A BOTTLE OF PICKLES
CHARGE AGAINST A WATERSIDER DISMISSED.

A waterside worker named Robert Gould was charged before Mr. F. V. Frazer, S.M., at the Magistrate's Court yesterday, with having stolen, on September 5, a bottle of pickles, valued at 2s., the property of the Union Steam Ship Company.

Inspector Marsack prosecuted, and Mr. P. W. O'Leary appeared for accused, who pleaded not guilty.

Inspector Marsack stated that on Saturday accused was employed on a vessel which was discharging cargo at the King's Wharf. The vessel was being searched just prior to calling, when accused was found with a bottle of pickles in his hand. He said, when asked, that he had bought it at a shop. He had no receipt to show.

Sergeant O'Hara stated that about 4 p.m. on Saturday he was speaking to accused at the King's Wharf. In one of the holds he saw accused, who appeared to be doing something when witness came on the scene. He picked up a piece of wood, and commenced cutting it with a knife. Witness, however, saw that the case was covered with a bottle of pickles, and he charged him with stealing it.

Evidence was given by Alan Sheath, claims clerk for the Union Company, that owing to the frailty of the cases a great deal of loose cargo was found in the hold.

Mr. O'Leary said that Gould was a man who had worked round the waterfront for about fourteen years and held responsible positions. On the date in question Gould had picked up the bottle of pickles, and placed it in a place of safety to prevent it from being broken. “Waterside workers are continually coming upon the contents of boxes which have been broken in places elsewhere than in New Zealand,” said Mr. O'Leary. The charge was dismissed.

Robert Gould, on oath, gave evidence on the lines of counsel's statement. He had no intention of stealing the pickles. He was going to take them to the foreman, but had been called away.

Defendant, in the course of his evidence, explained that he had been in possession of a knife at the time of the police visit by thinking that he had previously cut a defective sling. He had picked up the bottle of pickles, and put it in the “wings” of the ship in order to prevent it being broken, and thus becoming a danger to other workers.

His Worship said the case was one where he had a “mighty strong suspicion,” but it was not sufficient to convict, and he dismissed the charge. He said that it was only too well known that articles went missing from cargo. “It is an evil that I am a bit afraid of,” remarked His Worship, “but I am not going to convict on suspicion.”

ONSLOW AFFAIRS

A meeting of the Onslow Borough Council was held last night, when there were present: The Mayor (Mr. J. M. Isaacs), and Councillors A. C. Gardner, A. W. Palmer, A. H. Topp, C. Scowby, W. Appleton, F. F. Hodgens, A. E. Budd, and E. Hobbs.

Messrs. Moss, Newton and Son, Ltd., applied for the consent of the council to remove, at the firm's cost, the shed used by the Kaiwarra Fire Brigade to the opposite side of the road, in order that a new office might be erected on the site.

The application was granted. On the motion of Councillor Scowby, it was decided to ask the Railway Department to alter the running of the late train from town for Johnsonville from 9.45 p.m. on Saturdays to 10.20 p.m.

OVERCROWDED CLASS-ROOMS
DEMAND FOR COMMON-SENSE ADMINISTRATION.

At yesterday's meeting of the Wellington Education Board it was reported that the board's application for a grant for the extension of the Karori School had been declined on the ground that the standard air measurement per scholar had not yet been reached.

Mr. R. A. Wright, M.P., made a vigorous protest against the method of estimating air measurement. Whilst some classes might not be up to the standard, there were others where it was exceeded, but instead of taking the case room by room they averaged the school, and finding that it did not exceed the standard air measurement over the total number of scholars, declined the grant. He thought that the method was all wrong.

The chairman: There should be some common-sense exercised.

Mr. Wright said that the remedy was a considerably increased grant for education.

Mr. R. M'Callum, M.P., said that the spirit of Parliament when the Act was passed was to provide that the provisions should be interpreted broadly. “I don't approve,” said Mr. M'Callum, “that there are more than eight members of the House who take a live interest in education.” He referred to Mr. Wright as one of those who had been actively interested in the subject.

Mr. Wright pointed out that a private member of Parliament could do nothing effectively on a measure involving a Departmental vote. He could not even move a motion.

Finally it was resolved to refer the matter of a grant for the extension of the Karori School back to the Department for reconsideration.

VICTORIA COLLEGE
PROPOSED BUILDING EXTENSIONS

There is need for more room for the accommodation of classes at Victoria College, and the need will be accentuated when the School of Economics comes to be established.

The Victoria College Council recently delegated to a committee the task of preparing a report as to the building programme that would have to be considered. A draft scheme was submitted by this committee last night. The suggestion was for extensions at both the north and the south end of the present building, at an estimated cost of £20,000. The scheme had been prepared by Messrs. W. H. Morton and W. Ferguson.

The first proposal made at the meeting was that the scheme be forwarded to the Government for consideration. Sir Robert Stout said that the Government would probably not consider favourably such a big scheme, especially at a time when building costs were so high. He suggested that there should be an appeal made to the public for assistance.

Reference was made also to the possibility of drawing from the funds of some of the endowments, notably in Taranaki, at present withheld from the college.

The decision of the council was that the committee be empowered to have more detailed plans prepared before referring the matter to the Government.

BILLIARDS
THE CRYSTALATE CONTEST.

Last night, at Alcock's Rooms, Dunlop, of the Wellington Federal Club, beat Stone, of the Petone Workingmen's Club, by a comfortable margin. Stone was not playing in his usual free style, and certainly had a bad run of the balls. At the start he held his opponent well, but after the first two hundred points Dunlop hung a good run, and managed to score a strong lead. Scores: Dunlop 251, Stone 221.

Best breaks were: Dunlop, 28, 20; Stone, 26. Tonight at 7 o'clock, Bruce v. Shorty, Feilding, will meet Key, Workingmen's Club.

WELLINGTON CENTRAL
A LABOUR PROTEST.

By Telegraph.—Press Association.

Greymouth, September 18.

The Grey Labour Representation Committee has carried and forwarded to the Central Executive the following resolution: “That we strongly protest against the vote-splitting tactics of Mr. Mack, general secretary, A.S.R.S., in standing as an Independent Labour candidate for Wellington Central.”

Mr. P. Fraser publishes an address to the electors in our advertising columns.

A few of Mr. Hildreth's supporters will be held at the Natives' Association Hall, Seer Street, this evening, for the purpose of forming a committee.

HOCKEY

The final of the Charity Cup between Ramblers and Karori will be played at Athletic Park on Saturday, starting at 1.45 p.m. Referees, Messrs. Pragnell and Cusack.

COMPETITIONS SOCIETY

A number of inquiries for the book of words and syllabus of the Musical and Elocutionary Competitions to be held in Wellington in November next have been received from districts outside of Wellington, and it is anticipated that when all entries are to hand the number will be a record for the Dominion. Teachers and competitors are reminded that copies can be received at Messrs. Charles Begg and Co.'s, or may be posted direct to the secretary.

SEDITION CHARGE DISMISSED

By Telegraph.—Press Association.

Christchurch, September 18.

At the Lyttelton Magistrate's Court to-day a charge against a sailor of using seditious language was dismissed. The mate of the ship, who laid the information, said the accused was very drunk at the time, and there was no evidence of intent.

HOKITIKA SUPREME COURT

By Telegraph.—Press Association.

Hokitika, September 18.

In the Supreme Court, Mr. Justice Chapman was the presiding Judge in the case of a charge of alleged theft of opossum skins against Thomas Coll. This was the only criminal charge set down.

I'm a tourist-car driver, a knight of the wheel, Driving a fast-speed car—not counting the halt, Quite a chauffeur of note, and a man of way. Exposed to all changes of night and by day, And in slimy wet weather, whilst winter mountains hold, Of course you are, so if you catch a cough or cold, For promptly take Woods' Peppermint Cure.

In the brightest moonlight it is almost impossible to see an aeroplane flying at 10,000 to 15,000 feet.

Since May, 1915, more than 100,000 men have been released from the munition factories for service with the colours.

Barraclough's Magic Nerve-tonic for the lung and stomach troubles.—Advt.
